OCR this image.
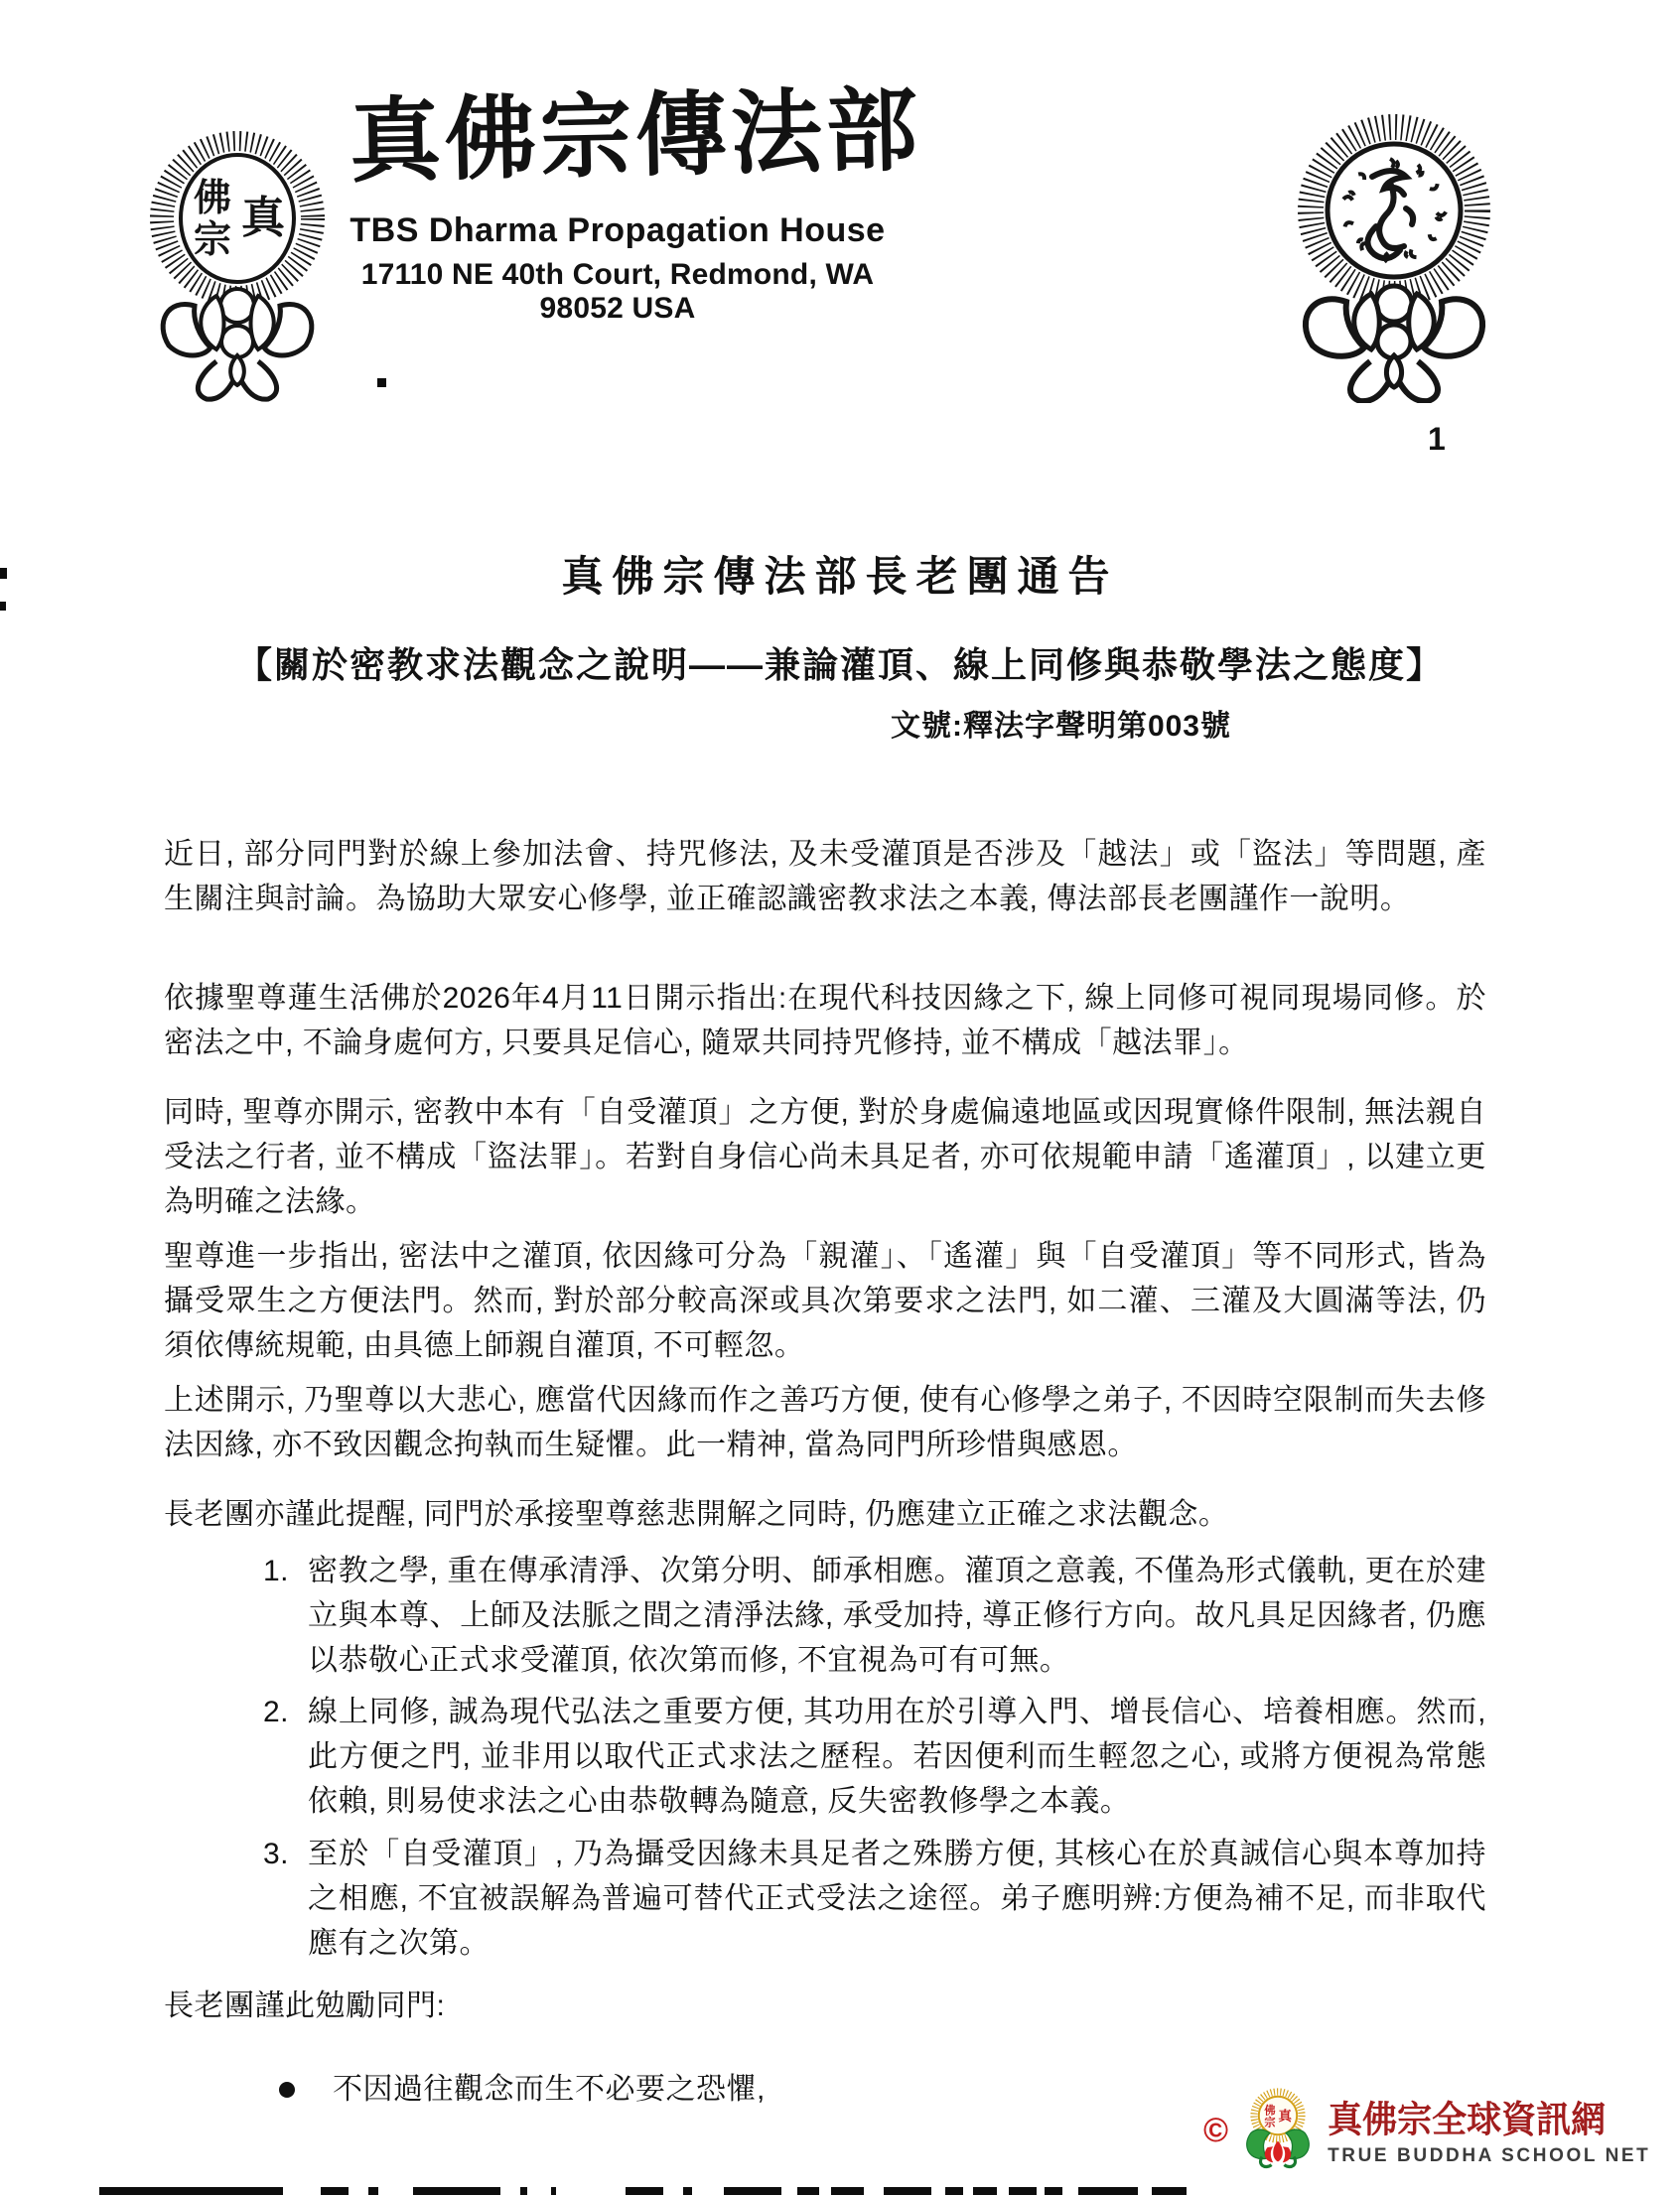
真
佛
宗
真佛宗傳法部
TBS Dharma Propagation House
17110 NE 40th Court, Redmond, WA 98052 USA
1
真佛宗傳法部長老團通告
【關於密教求法觀念之說明——兼論灌頂、線上同修與恭敬學法之態度】
文號:釋法字聲明第003號
近日, 部分同門對於線上參加法會、持咒修法, 及未受灌頂是否涉及「越法」或「盜法」等問題, 產生關注與討論。為協助大眾安心修學, 並正確認識密教求法之本義, 傳法部長老團謹作一說明。
依據聖尊蓮生活佛於2026年4月11日開示指出:在現代科技因緣之下, 線上同修可視同現場同修。於密法之中, 不論身處何方, 只要具足信心, 隨眾共同持咒修持, 並不構成「越法罪」。
同時, 聖尊亦開示, 密教中本有「自受灌頂」之方便, 對於身處偏遠地區或因現實條件限制, 無法親自受法之行者, 並不構成「盜法罪」。若對自身信心尚未具足者, 亦可依規範申請「遙灌頂」, 以建立更為明確之法緣。
聖尊進一步指出, 密法中之灌頂, 依因緣可分為「親灌」、「遙灌」與「自受灌頂」等不同形式, 皆為攝受眾生之方便法門。然而, 對於部分較高深或具次第要求之法門, 如二灌、三灌及大圓滿等法, 仍須依傳統規範, 由具德上師親自灌頂, 不可輕忽。
上述開示, 乃聖尊以大悲心, 應當代因緣而作之善巧方便, 使有心修學之弟子, 不因時空限制而失去修法因緣, 亦不致因觀念拘執而生疑懼。此一精神, 當為同門所珍惜與感恩。
長老團亦謹此提醒, 同門於承接聖尊慈悲開解之同時, 仍應建立正確之求法觀念。
1. 密教之學, 重在傳承清淨、次第分明、師承相應。灌頂之意義, 不僅為形式儀軌, 更在於建立與本尊、上師及法脈之間之清淨法緣, 承受加持, 導正修行方向。故凡具足因緣者, 仍應以恭敬心正式求受灌頂, 依次第而修, 不宜視為可有可無。
2. 線上同修, 誠為現代弘法之重要方便, 其功用在於引導入門、增長信心、培養相應。然而, 此方便之門, 並非用以取代正式求法之歷程。若因便利而生輕忽之心, 或將方便視為常態依賴, 則易使求法之心由恭敬轉為隨意, 反失密教修學之本義。
3. 至於「自受灌頂」, 乃為攝受因緣未具足者之殊勝方便, 其核心在於真誠信心與本尊加持之相應, 不宜被誤解為普遍可替代正式受法之途徑。弟子應明辨:方便為補不足, 而非取代應有之次第。
長老團謹此勉勵同門:
不因過往觀念而生不必要之恐懼,
©	真
佛
宗 真佛宗全球資訊網
TRUE BUDDHA SCHOOL NET
